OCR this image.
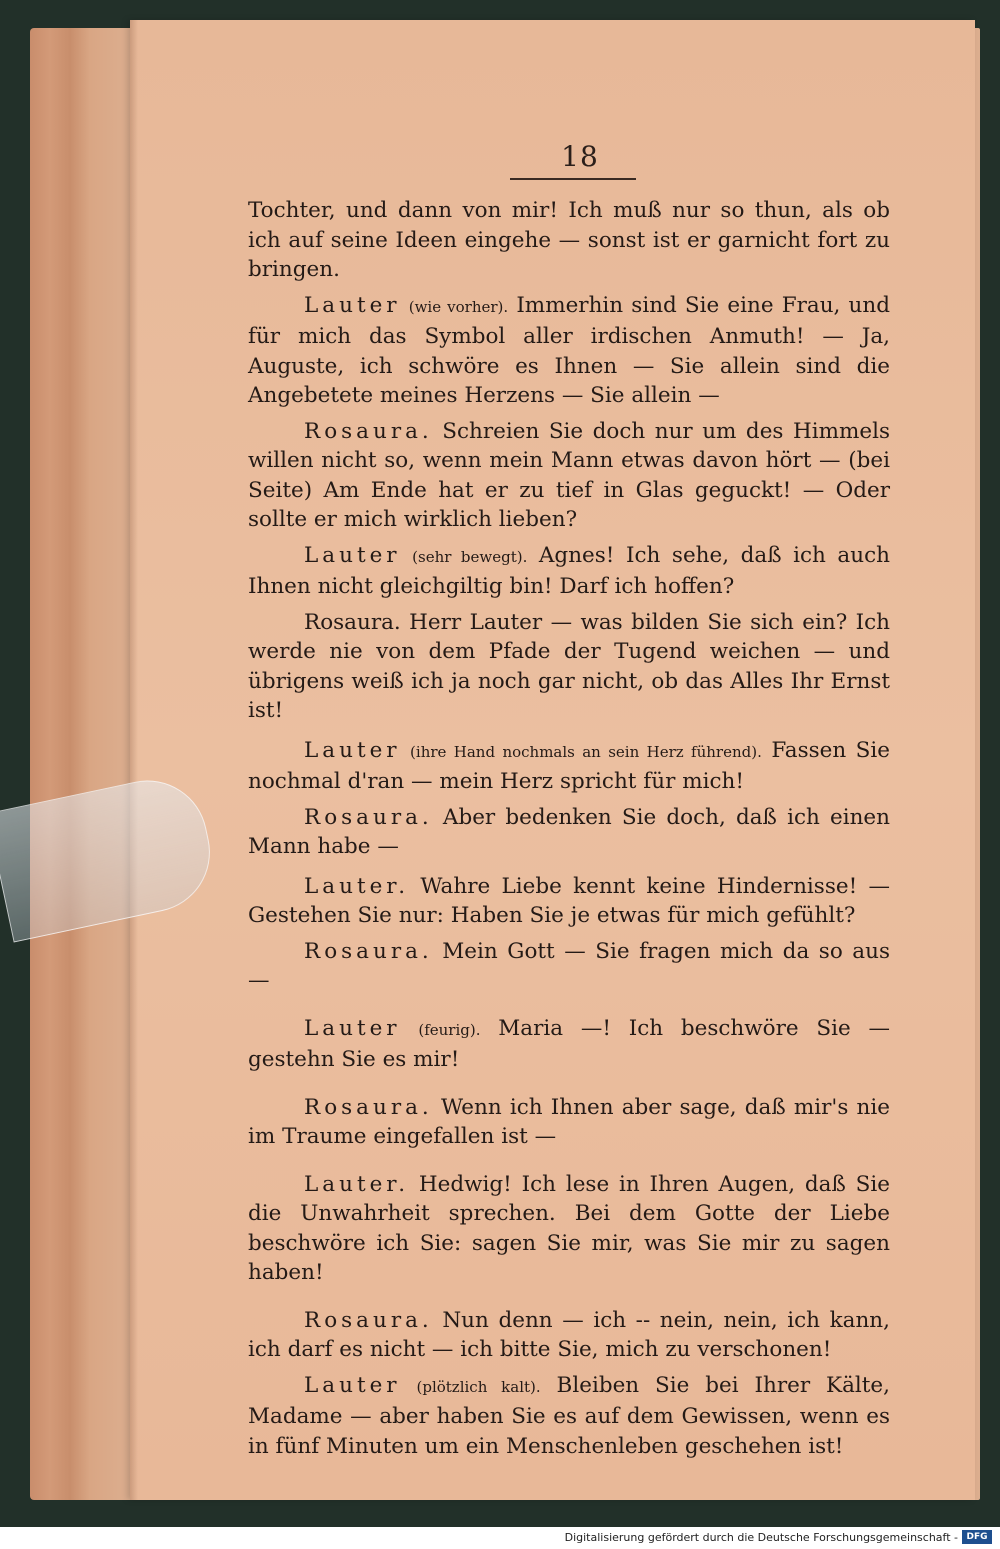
18

Tochter, und dann von mir! Ich muß nur so thun, als ob ich auf seine Ideen eingehe — sonst ist er garnicht fort zu bringen.

Lauter (wie vorher). Immerhin sind Sie eine Frau, und für mich das Symbol aller irdischen Anmuth! — Ja, Auguste, ich schwöre es Ihnen — Sie allein sind die Angebetete meines Herzens — Sie allein —

Rosaura. Schreien Sie doch nur um des Himmels willen nicht so, wenn mein Mann etwas davon hört — (bei Seite) Am Ende hat er zu tief in Glas geguckt! — Oder sollte er mich wirklich lieben?

Lauter (sehr bewegt). Agnes! Ich sehe, daß ich auch Ihnen nicht gleichgiltig bin! Darf ich hoffen?

Rosaura. Herr Lauter — was bilden Sie sich ein? Ich werde nie von dem Pfade der Tugend weichen — und übrigens weiß ich ja noch gar nicht, ob das Alles Ihr Ernst ist!

Lauter (ihre Hand nochmals an sein Herz führend). Fassen Sie nochmal d'ran — mein Herz spricht für mich!

Rosaura. Aber bedenken Sie doch, daß ich einen Mann habe —

Lauter. Wahre Liebe kennt keine Hindernisse! — Gestehen Sie nur: Haben Sie je etwas für mich gefühlt?

Rosaura. Mein Gott — Sie fragen mich da so aus —

Lauter (feurig). Maria —! Ich beschwöre Sie — gestehn Sie es mir!

Rosaura. Wenn ich Ihnen aber sage, daß mir's nie im Traume eingefallen ist —

Lauter. Hedwig! Ich lese in Ihren Augen, daß Sie die Unwahrheit sprechen. Bei dem Gotte der Liebe beschwöre ich Sie: sagen Sie mir, was Sie mir zu sagen haben!

Rosaura. Nun denn — ich -- nein, nein, ich kann, ich darf es nicht — ich bitte Sie, mich zu verschonen!

Lauter (plötzlich kalt). Bleiben Sie bei Ihrer Kälte, Madame — aber haben Sie es auf dem Gewissen, wenn es in fünf Minuten um ein Menschenleben geschehen ist!

Digitalisierung gefördert durch die Deutsche Forschungsgemeinschaft - DFG
